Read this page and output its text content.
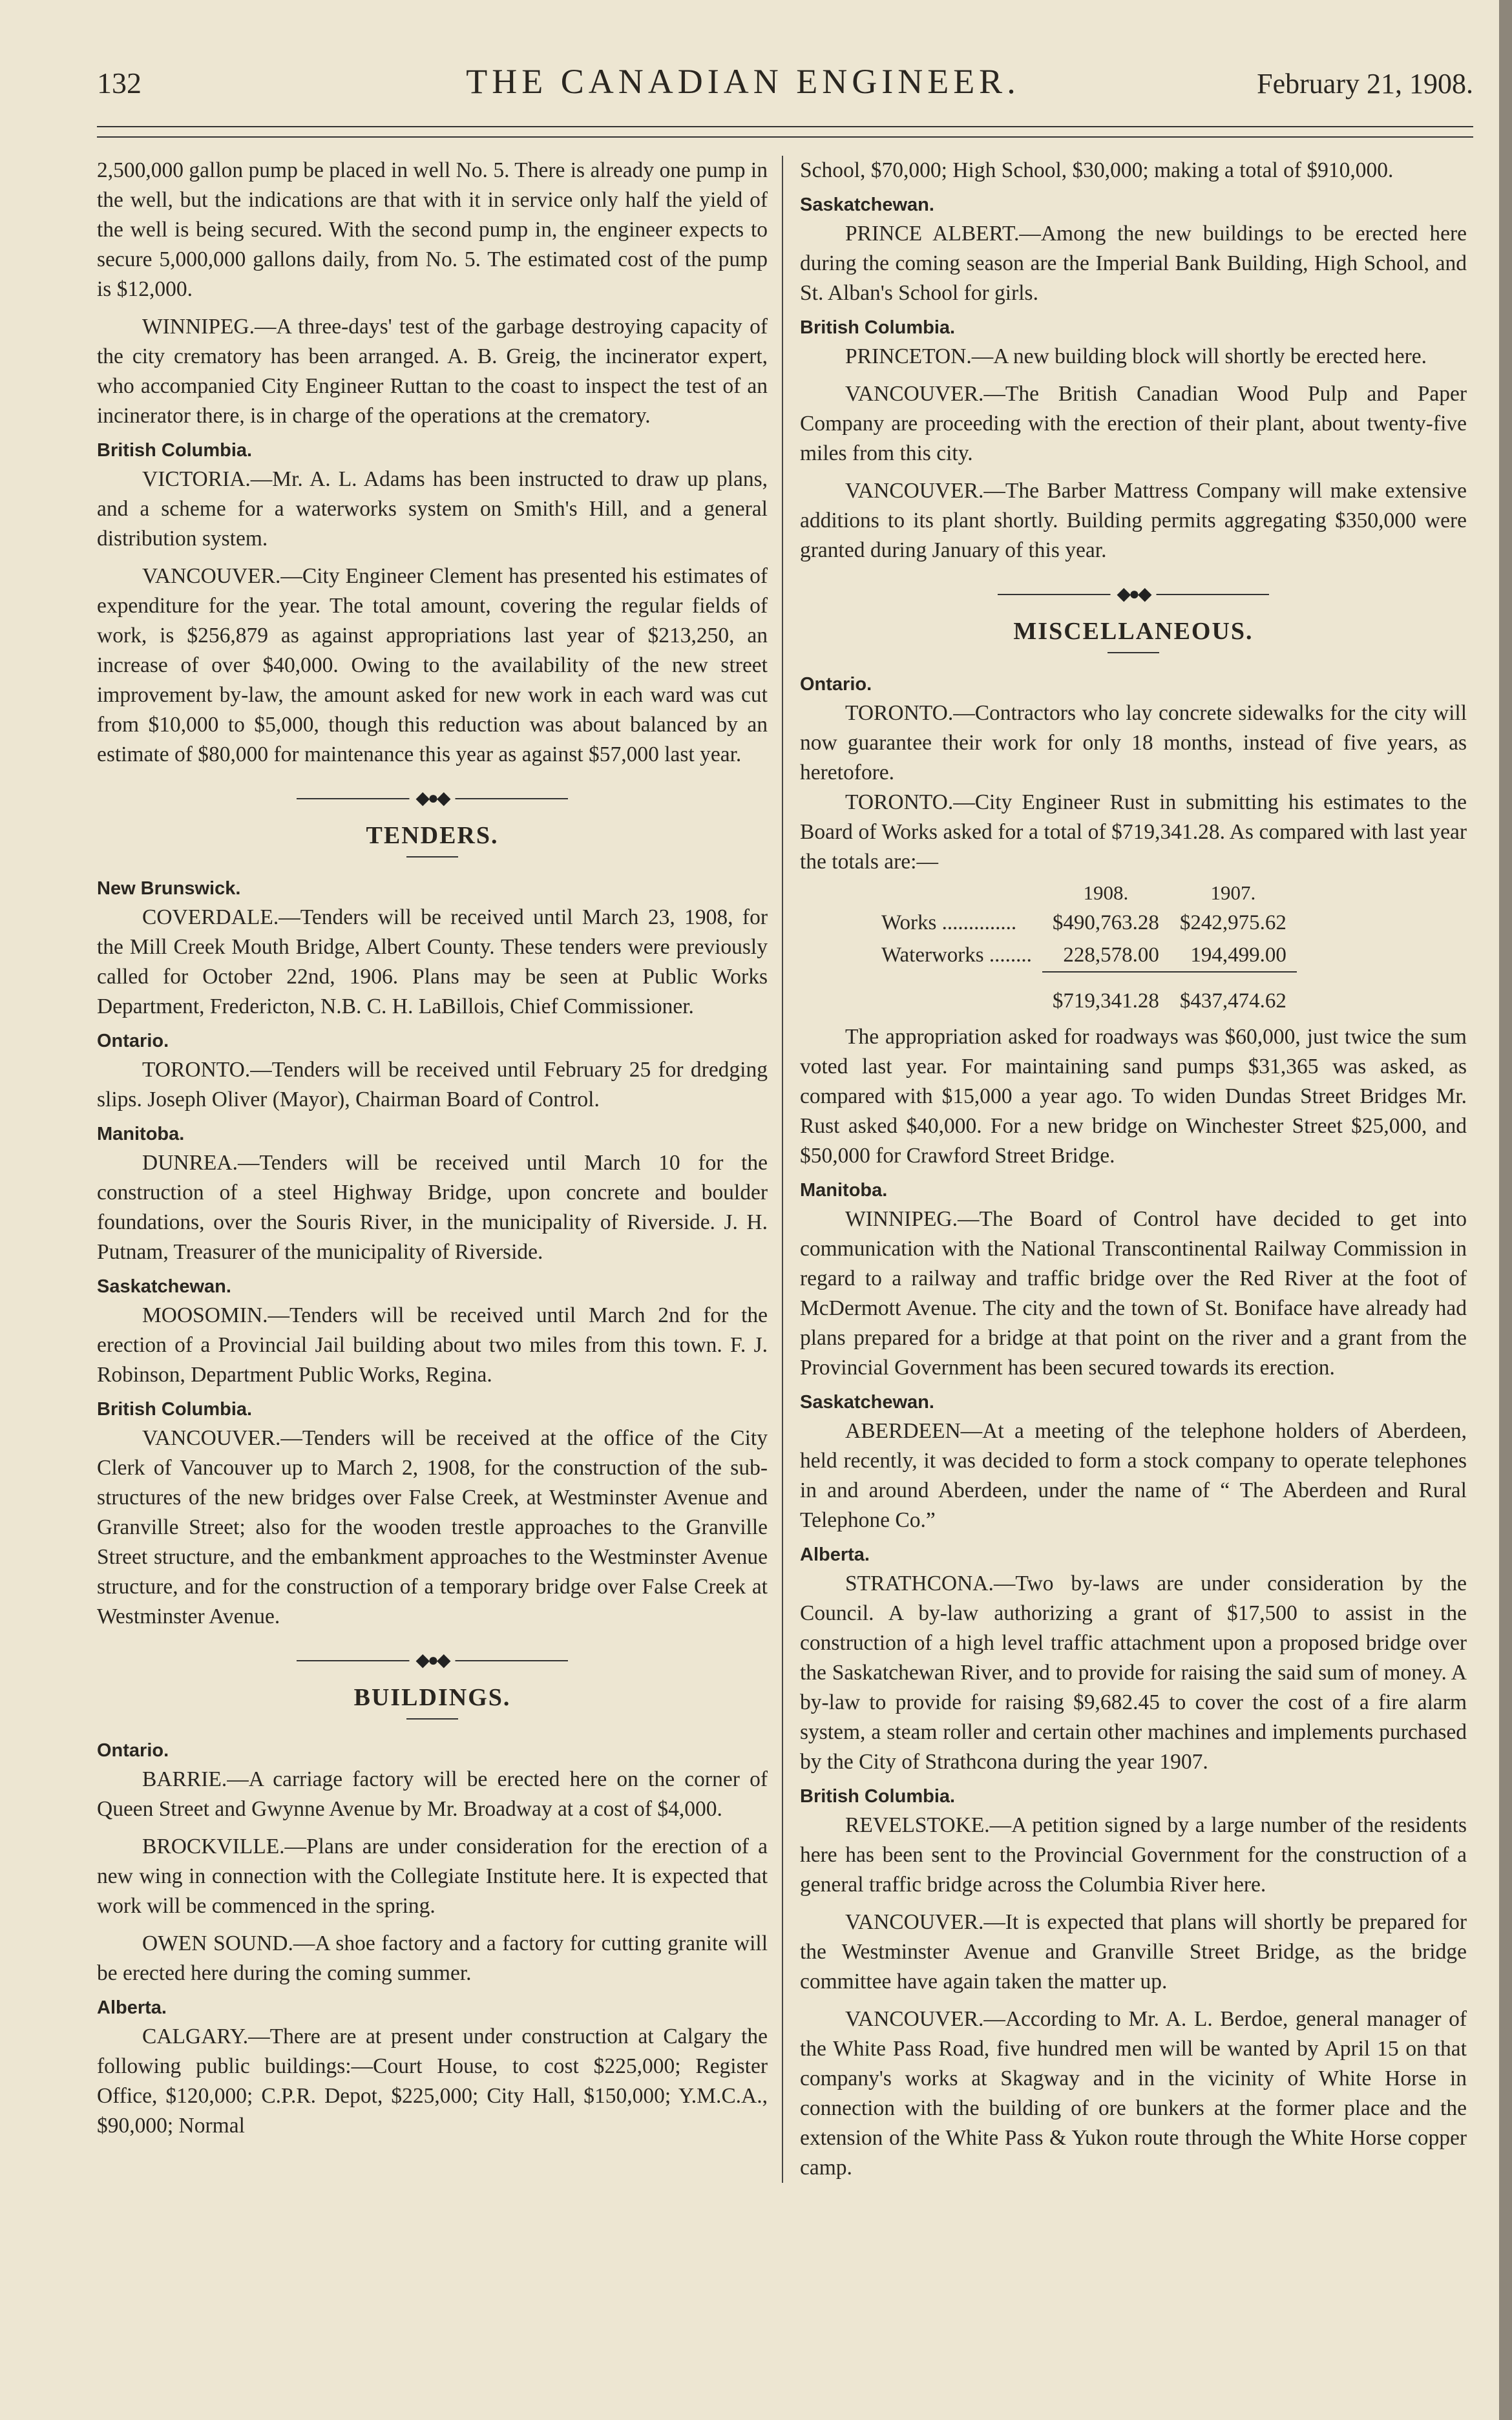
132	THE CANADIAN ENGINEER.	February 21, 1908.

2,500,000 gallon pump be placed in well No. 5. There is already one pump in the well, but the indications are that with it in service only half the yield of the well is being secured. With the second pump in, the engineer expects to secure 5,000,000 gallons daily, from No. 5. The estimated cost of the pump is $12,000.

WINNIPEG.—A three-days' test of the garbage destroying capacity of the city crematory has been arranged. A. B. Greig, the incinerator expert, who accompanied City Engineer Ruttan to the coast to inspect the test of an incinerator there, is in charge of the operations at the crematory.

British Columbia.

VICTORIA.—Mr. A. L. Adams has been instructed to draw up plans, and a scheme for a waterworks system on Smith's Hill, and a general distribution system.

VANCOUVER.—City Engineer Clement has presented his estimates of expenditure for the year. The total amount, covering the regular fields of work, is $256,879 as against appropriations last year of $213,250, an increase of over $40,000. Owing to the availability of the new street improvement by-law, the amount asked for new work in each ward was cut from $10,000 to $5,000, though this reduction was about balanced by an estimate of $80,000 for maintenance this year as against $57,000 last year.

◆●◆
TENDERS.
New Brunswick.

COVERDALE.—Tenders will be received until March 23, 1908, for the Mill Creek Mouth Bridge, Albert County. These tenders were previously called for October 22nd, 1906. Plans may be seen at Public Works Department, Fredericton, N.B. C. H. LaBillois, Chief Commissioner.

Ontario.

TORONTO.—Tenders will be received until February 25 for dredging slips. Joseph Oliver (Mayor), Chairman Board of Control.

Manitoba.

DUNREA.—Tenders will be received until March 10 for the construction of a steel Highway Bridge, upon concrete and boulder foundations, over the Souris River, in the municipality of Riverside. J. H. Putnam, Treasurer of the municipality of Riverside.

Saskatchewan.

MOOSOMIN.—Tenders will be received until March 2nd for the erection of a Provincial Jail building about two miles from this town. F. J. Robinson, Department Public Works, Regina.

British Columbia.

VANCOUVER.—Tenders will be received at the office of the City Clerk of Vancouver up to March 2, 1908, for the construction of the sub-structures of the new bridges over False Creek, at Westminster Avenue and Granville Street; also for the wooden trestle approaches to the Granville Street structure, and the embankment approaches to the Westminster Avenue structure, and for the construction of a temporary bridge over False Creek at Westminster Avenue.

◆●◆
BUILDINGS.
Ontario.

BARRIE.—A carriage factory will be erected here on the corner of Queen Street and Gwynne Avenue by Mr. Broadway at a cost of $4,000.

BROCKVILLE.—Plans are under consideration for the erection of a new wing in connection with the Collegiate Institute here. It is expected that work will be commenced in the spring.

OWEN SOUND.—A shoe factory and a factory for cutting granite will be erected here during the coming summer.

Alberta.

CALGARY.—There are at present under construction at Calgary the following public buildings:—Court House, to cost $225,000; Register Office, $120,000; C.P.R. Depot, $225,000; City Hall, $150,000; Y.M.C.A., $90,000; Normal

School, $70,000; High School, $30,000; making a total of $910,000.

Saskatchewan.

PRINCE ALBERT.—Among the new buildings to be erected here during the coming season are the Imperial Bank Building, High School, and St. Alban's School for girls.

British Columbia.

PRINCETON.—A new building block will shortly be erected here.

VANCOUVER.—The British Canadian Wood Pulp and Paper Company are proceeding with the erection of their plant, about twenty-five miles from this city.

VANCOUVER.—The Barber Mattress Company will make extensive additions to its plant shortly. Building permits aggregating $350,000 were granted during January of this year.

◆●◆
MISCELLANEOUS.
Ontario.

TORONTO.—Contractors who lay concrete sidewalks for the city will now guarantee their work for only 18 months, instead of five years, as heretofore.

TORONTO.—City Engineer Rust in submitting his estimates to the Board of Works asked for a total of $719,341.28. As compared with last year the totals are:—

	1908.	1907.
Works ..............	$490,763.28	$242,975.62
Waterworks ........	228,578.00	194,499.00
	$719,341.28	$437,474.62

The appropriation asked for roadways was $60,000, just twice the sum voted last year. For maintaining sand pumps $31,365 was asked, as compared with $15,000 a year ago. To widen Dundas Street Bridges Mr. Rust asked $40,000. For a new bridge on Winchester Street $25,000, and $50,000 for Crawford Street Bridge.

Manitoba.

WINNIPEG.—The Board of Control have decided to get into communication with the National Transcontinental Railway Commission in regard to a railway and traffic bridge over the Red River at the foot of McDermott Avenue. The city and the town of St. Boniface have already had plans prepared for a bridge at that point on the river and a grant from the Provincial Government has been secured towards its erection.

Saskatchewan.

ABERDEEN—At a meeting of the telephone holders of Aberdeen, held recently, it was decided to form a stock company to operate telephones in and around Aberdeen, under the name of “ The Aberdeen and Rural Telephone Co.”

Alberta.

STRATHCONA.—Two by-laws are under consideration by the Council. A by-law authorizing a grant of $17,500 to assist in the construction of a high level traffic attachment upon a proposed bridge over the Saskatchewan River, and to provide for raising the said sum of money. A by-law to provide for raising $9,682.45 to cover the cost of a fire alarm system, a steam roller and certain other machines and implements purchased by the City of Strathcona during the year 1907.

British Columbia.

REVELSTOKE.—A petition signed by a large number of the residents here has been sent to the Provincial Government for the construction of a general traffic bridge across the Columbia River here.

VANCOUVER.—It is expected that plans will shortly be prepared for the Westminster Avenue and Granville Street Bridge, as the bridge committee have again taken the matter up.

VANCOUVER.—According to Mr. A. L. Berdoe, general manager of the White Pass Road, five hundred men will be wanted by April 15 on that company's works at Skagway and in the vicinity of White Horse in connection with the building of ore bunkers at the former place and the extension of the White Pass & Yukon route through the White Horse copper camp.
